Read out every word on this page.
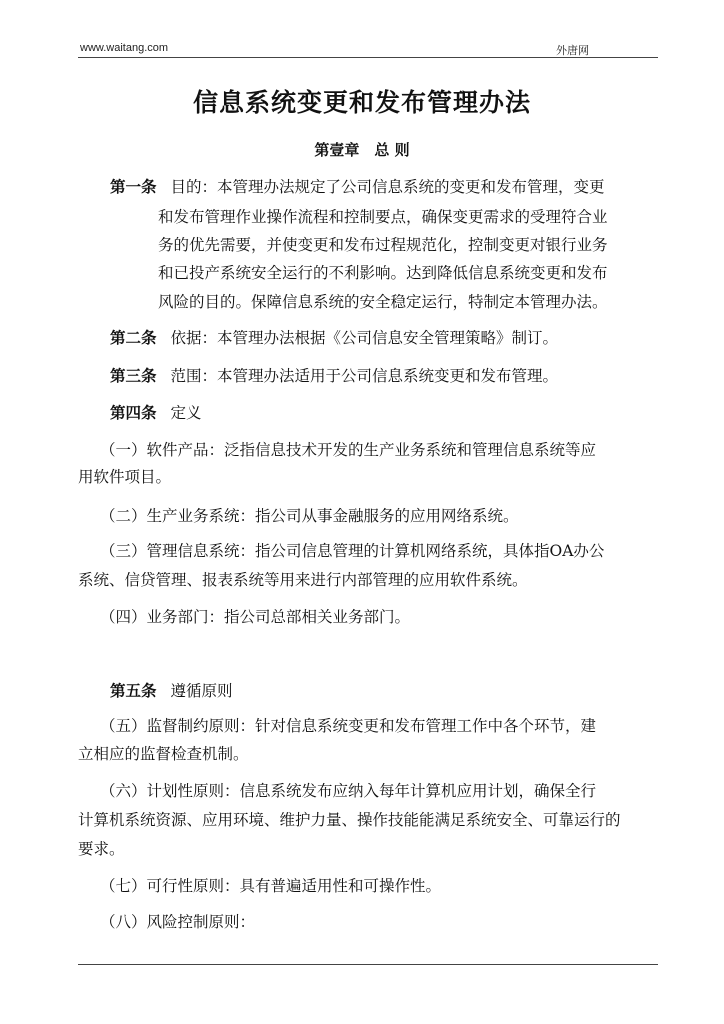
www.waitang.com	外唐网
信息系统变更和发布管理办法
第壹章　总 则
第一条 目的：本管理办法规定了公司信息系统的变更和发布管理，变更
和发布管理作业操作流程和控制要点，确保变更需求的受理符合业
务的优先需要，并使变更和发布过程规范化，控制变更对银行业务
和已投产系统安全运行的不利影响。达到降低信息系统变更和发布
风险的目的。保障信息系统的安全稳定运行，特制定本管理办法。
第二条 依据：本管理办法根据《公司信息安全管理策略》制订。
第三条 范围：本管理办法适用于公司信息系统变更和发布管理。
第四条 定义
（一）软件产品：泛指信息技术开发的生产业务系统和管理信息系统等应
用软件项目。
（二）生产业务系统：指公司从事金融服务的应用网络系统。
（三）管理信息系统：指公司信息管理的计算机网络系统，具体指OA办公
系统、信贷管理、报表系统等用来进行内部管理的应用软件系统。
（四）业务部门：指公司总部相关业务部门。
第五条 遵循原则
（五）监督制约原则：针对信息系统变更和发布管理工作中各个环节，建
立相应的监督检查机制。
（六）计划性原则：信息系统发布应纳入每年计算机应用计划，确保全行
计算机系统资源、应用环境、维护力量、操作技能能满足系统安全、可靠运行的
要求。
（七）可行性原则：具有普遍适用性和可操作性。
（八）风险控制原则：
